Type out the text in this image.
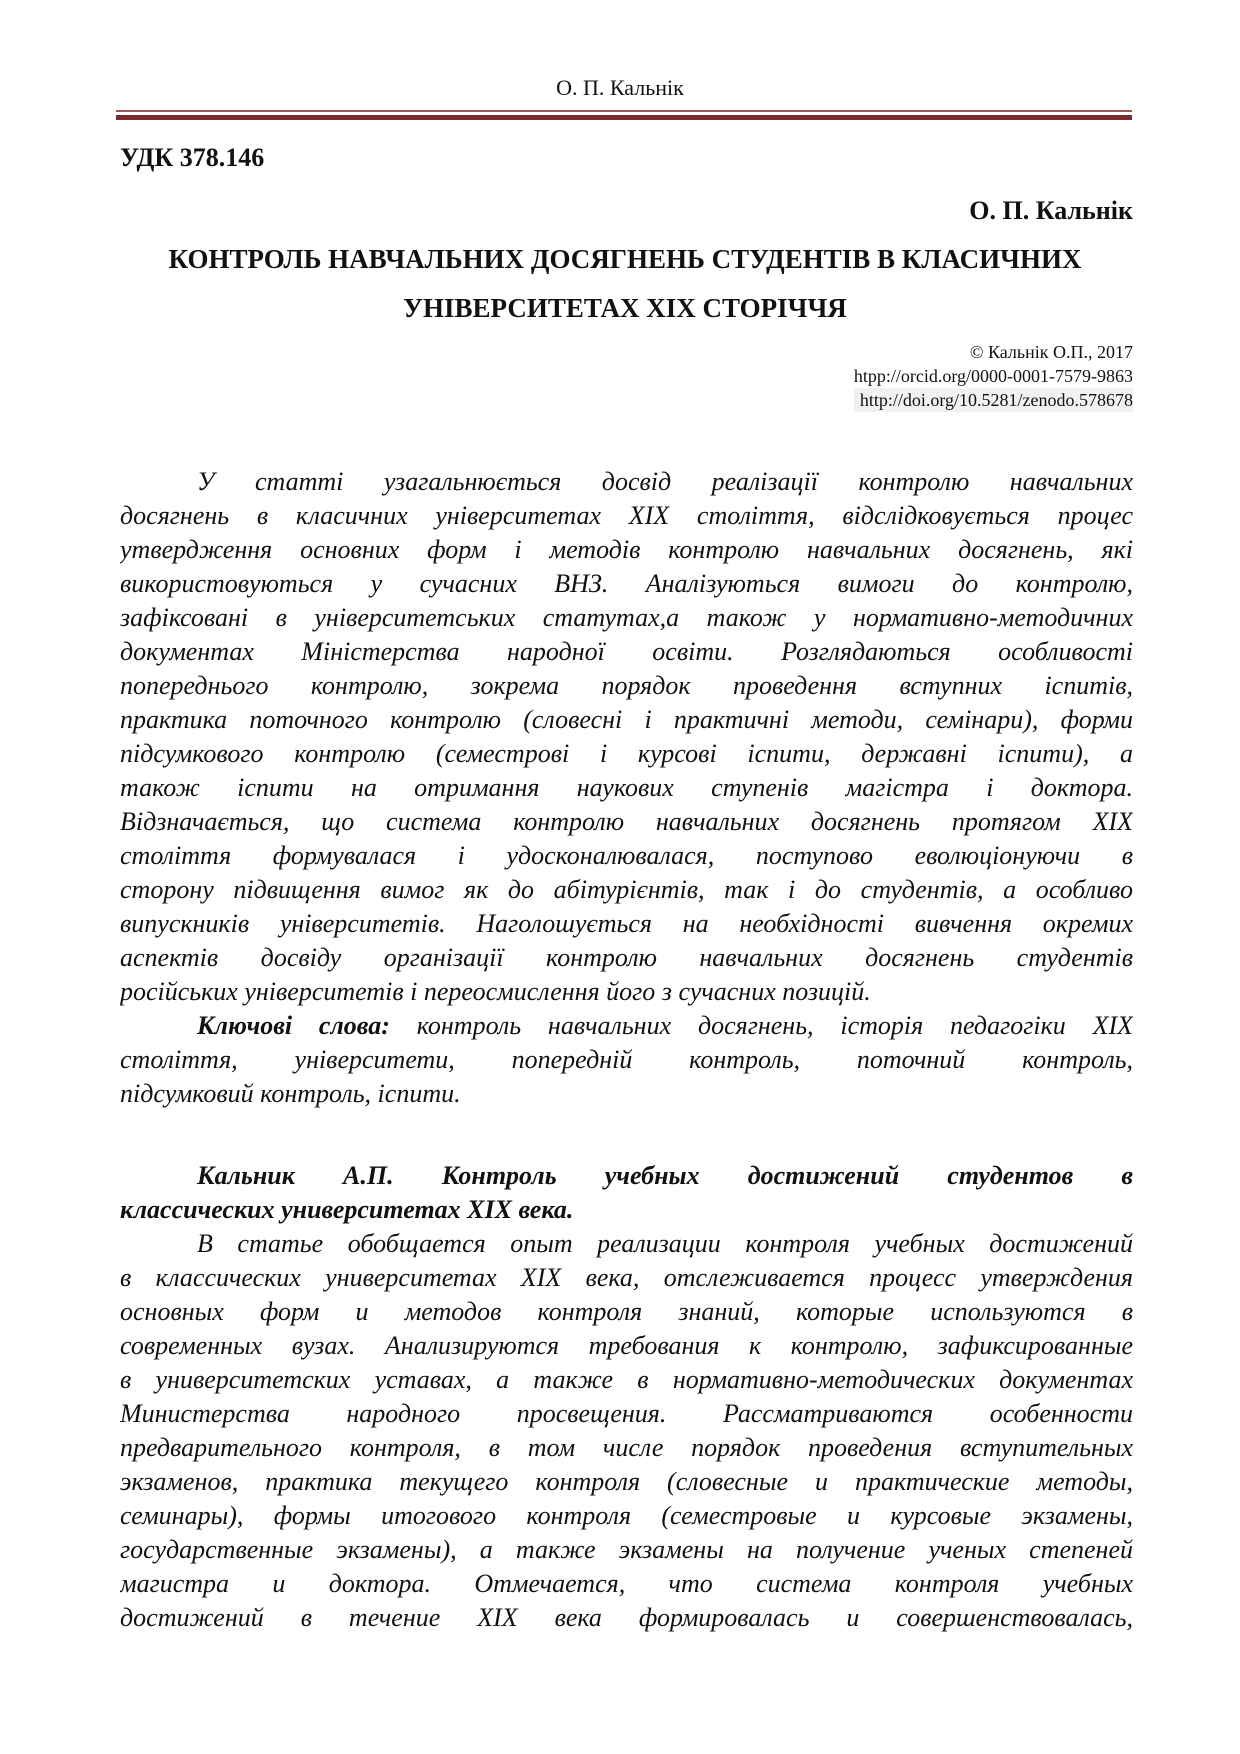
О. П. Кальнік
УДК 378.146
О. П. Кальнік
КОНТРОЛЬ НАВЧАЛЬНИХ ДОСЯГНЕНЬ СТУДЕНТІВ В КЛАСИЧНИХ
УНІВЕРСИТЕТАХ XIX СТОРІЧЧЯ
© Кальнік О.П., 2017
htpp://orcid.org/0000-0001-7579-9863
http://doi.org/10.5281/zenodo.578678
У статті узагальнюється досвід реалізації контролю навчальних
досягнень в класичних університетах XIX століття, відслідковується процес
утвердження основних форм і методів контролю навчальних досягнень, які
використовуються у сучасних ВНЗ. Аналізуються вимоги до контролю,
зафіксовані в університетських статутах,а також у нормативно-методичних
документах Міністерства народної освіти. Розглядаються особливості
попереднього контролю, зокрема порядок проведення вступних іспитів,
практика поточного контролю (словесні і практичні методи, семінари), форми
підсумкового контролю (семестрові і курсові іспити, державні іспити), а
також іспити на отримання наукових ступенів магістра і доктора.
Відзначається, що система контролю навчальних досягнень протягом XIX
століття формувалася і удосконалювалася, поступово еволюціонуючи в
сторону підвищення вимог як до абітурієнтів, так і до студентів, а особливо
випускників університетів. Наголошується на необхідності вивчення окремих
аспектів досвіду організації контролю навчальних досягнень студентів
російських університетів і переосмислення його з сучасних позицій.
Ключові слова: контроль навчальних досягнень, історія педагогіки XIX
століття, університети, попередній контроль, поточний контроль,
підсумковий контроль, іспити.
Кальник А.П. Контроль учебных достижений студентов в
классических университетах XIX века.
В статье обобщается опыт реализации контроля учебных достижений
в классических университетах XIX века, отслеживается процесс утверждения
основных форм и методов контроля знаний, которые используются в
современных вузах. Анализируются требования к контролю, зафиксированные
в университетских уставах, а также в нормативно-методических документах
Министерства народного просвещения. Рассматриваются особенности
предварительного контроля, в том числе порядок проведения вступительных
экзаменов, практика текущего контроля (словесные и практические методы,
семинары), формы итогового контроля (семестровые и курсовые экзамены,
государственные экзамены), а также экзамены на получение ученых степеней
магистра и доктора. Отмечается, что система контроля учебных
достижений в течение XIX века формировалась и совершенствовалась,
